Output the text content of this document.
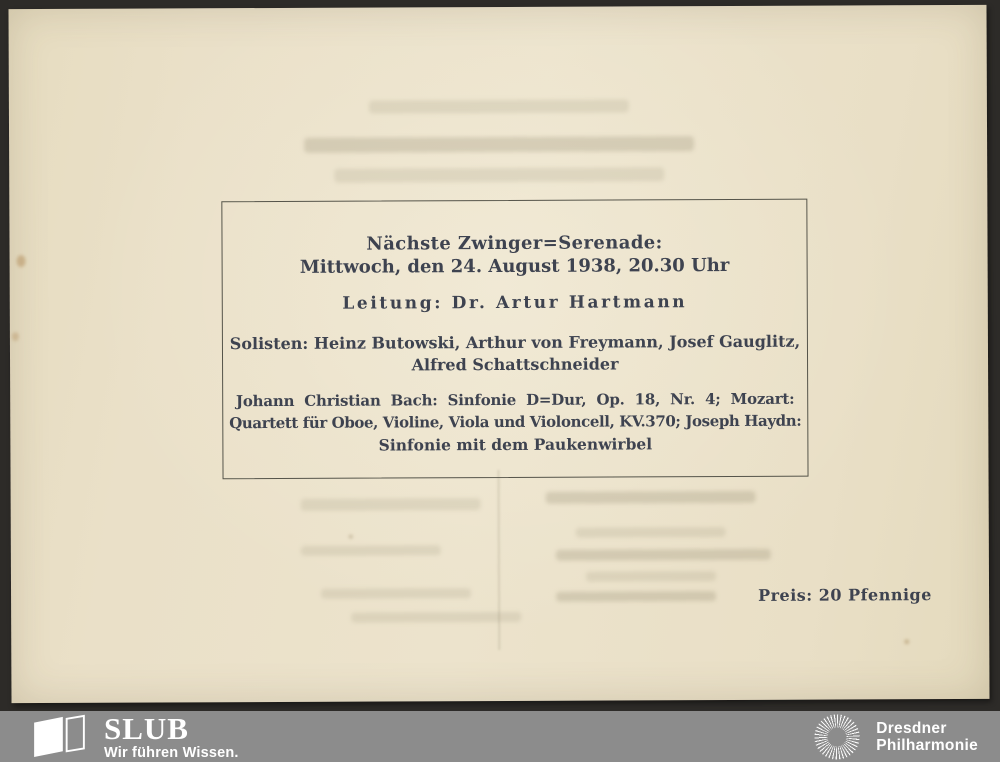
Nächste Zwinger=Serenade:
Mittwoch, den 24. August 1938, 20.30 Uhr
Leitung: Dr. Artur Hartmann
Solisten: Heinz Butowski, Arthur von Freymann, Josef Gauglitz,
Alfred Schattschneider
Johann Christian Bach: Sinfonie D=Dur, Op. 18, Nr. 4; Mozart:
Quartett für Oboe, Violine, Viola und Violoncell, KV.370; Joseph Haydn:
Sinfonie mit dem Paukenwirbel
Preis: 20 Pfennige
SLUB
Wir führen Wissen.
Dresdner
Philharmonie
